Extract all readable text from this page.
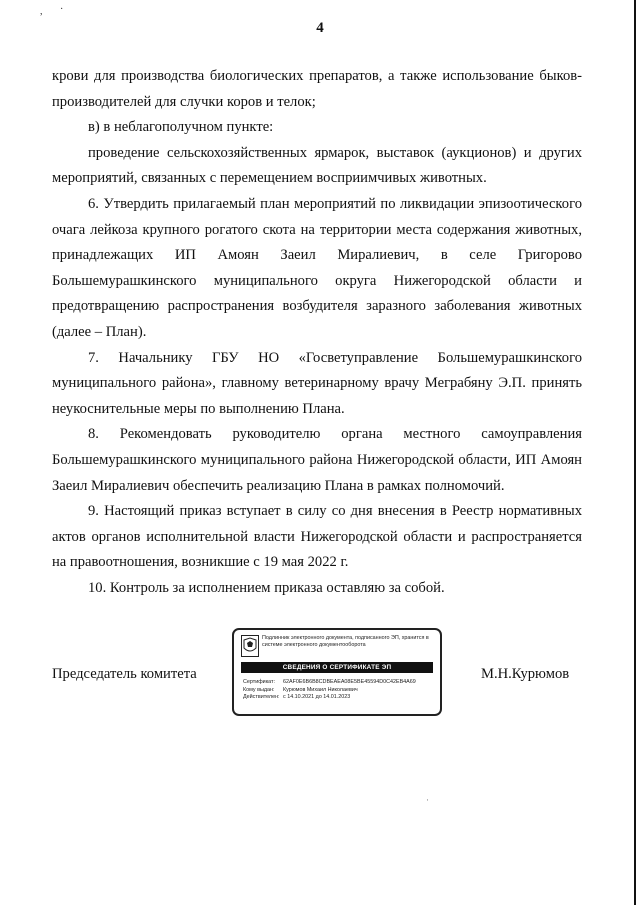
, ·
4

крови для производства биологических препаратов, а также использование быков-производителей для случки коров и телок;

в) в неблагополучном пункте:

проведение сельскохозяйственных ярмарок, выставок (аукционов) и других мероприятий, связанных с перемещением восприимчивых животных.

6. Утвердить прилагаемый план мероприятий по ликвидации эпизоотического очага лейкоза крупного рогатого скота на территории места содержания животных, принадлежащих ИП Амоян Заеил Миралиевич, в селе Григорово Большемурашкинского муниципального округа Нижегородской области и предотвращению распространения возбудителя заразного заболевания животных (далее – План).

7. Начальнику ГБУ НО «Госветуправление Большемурашкинского муниципального района», главному ветеринарному врачу Меграбяну Э.П. принять неукоснительные меры по выполнению Плана.

8. Рекомендовать руководителю органа местного самоуправления Большемурашкинского муниципального района Нижегородской области, ИП Амоян Заеил Миралиевич обеспечить реализацию Плана в рамках полномочий.

9. Настоящий приказ вступает в силу со дня внесения в Реестр нормативных актов органов исполнительной власти Нижегородской области и распространяется на правоотношения, возникшие с 19 мая 2022 г.

10. Контроль за исполнением приказа оставляю за собой.

Председатель комитета
Подлинник электронного документа, подписанного ЭП, хранится в системе электронного документооборота
СВЕДЕНИЯ О СЕРТИФИКАТЕ ЭП
Сертификат: 62AF0E6B6B8CDBEAEA08E5BE45594D0C42EB4A69
Кому выдан: Курюмов Михаил Николаевич
Действителен: с 14.10.2021 до 14.01.2023
М.Н.Курюмов
·
